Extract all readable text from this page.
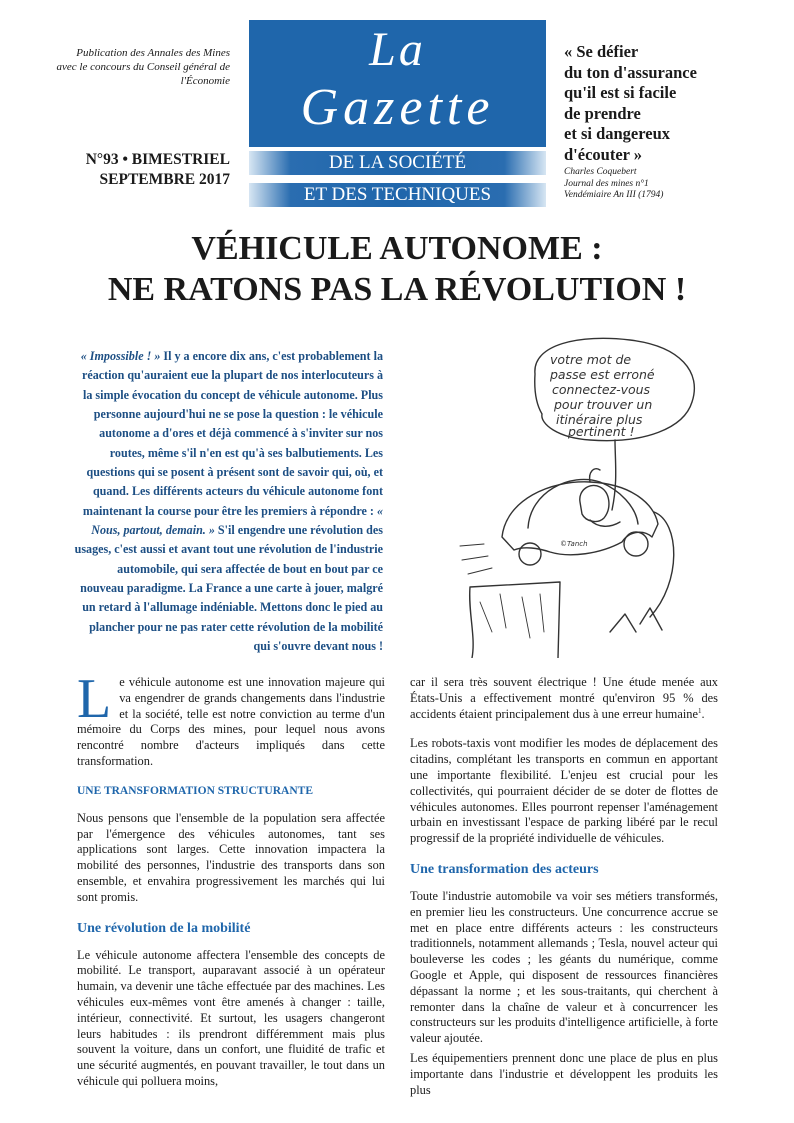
Publication des Annales des Mines
avec le concours du Conseil général de
l'Économie
N°93 • BIMESTRIEL
SEPTEMBRE 2017
La
Gazette
DE LA SOCIÉTÉ
ET DES TECHNIQUES
« Se défier
du ton d'assurance
qu'il est si facile
de prendre
et si dangereux
d'écouter »
Charles Coquebert
Journal des mines n°1
Vendémiaire An III (1794)
VÉHICULE AUTONOME :
NE RATONS PAS LA RÉVOLUTION !
« Impossible ! » Il y a encore dix ans, c'est probablement la réaction qu'auraient eue la plupart de nos interlocuteurs à la simple évocation du concept de véhicule autonome. Plus personne aujourd'hui ne se pose la question : le véhicule autonome a d'ores et déjà commencé à s'inviter sur nos routes, même s'il n'en est qu'à ses balbutiements. Les questions qui se posent à présent sont de savoir qui, où, et quand. Les différents acteurs du véhicule autonome font maintenant la course pour être les premiers à répondre : « Nous, partout, demain. » S'il engendre une révolution des usages, c'est aussi et avant tout une révolution de l'industrie automobile, qui sera affectée de bout en bout par ce nouveau paradigme. La France a une carte à jouer, malgré un retard à l'allumage indéniable. Mettons donc le pied au plancher pour ne pas rater cette révolution de la mobilité qui s'ouvre devant nous !
votre mot de
passe est erroné
connectez-vous
pour trouver un
itinéraire plus
pertinent !
©Tanch

Le véhicule autonome est une innovation majeure qui va engendrer de grands changements dans l'industrie et la société, telle est notre conviction au terme d'un mémoire du Corps des mines, pour lequel nous avons rencontré nombre d'acteurs impliqués dans cette transformation.

UNE TRANSFORMATION STRUCTURANTE

Nous pensons que l'ensemble de la population sera affectée par l'émergence des véhicules autonomes, tant ses applications sont larges. Cette innovation impactera la mobilité des personnes, l'industrie des transports dans son ensemble, et envahira progressivement les marchés qui lui sont promis.

Une révolution de la mobilité

Le véhicule autonome affectera l'ensemble des concepts de mobilité. Le transport, auparavant associé à un opérateur humain, va devenir une tâche effectuée par des machines. Les véhicules eux-mêmes vont être amenés à changer : taille, intérieur, connectivité. Et surtout, les usagers changeront leurs habitudes : ils prendront différemment mais plus souvent la voiture, dans un confort, une fluidité de trafic et une sécurité augmentés, en pouvant travailler, le tout dans un véhicule qui polluera moins,

car il sera très souvent électrique ! Une étude menée aux États-Unis a effectivement montré qu'environ 95 % des accidents étaient principalement dus à une erreur humaine$^1$.

Les robots-taxis vont modifier les modes de déplacement des citadins, complétant les transports en commun en apportant une importante flexibilité. L'enjeu est crucial pour les collectivités, qui pourraient décider de se doter de flottes de véhicules autonomes. Elles pourront repenser l'aménagement urbain en investissant l'espace de parking libéré par le recul progressif de la propriété individuelle de véhicules.

Une transformation des acteurs

Toute l'industrie automobile va voir ses métiers transformés, en premier lieu les constructeurs. Une concurrence accrue se met en place entre différents acteurs : les constructeurs traditionnels, notamment allemands ; Tesla, nouvel acteur qui bouleverse les codes ; les géants du numérique, comme Google et Apple, qui disposent de ressources financières dépassant la norme ; et les sous-traitants, qui cherchent à remonter dans la chaîne de valeur et à concurrencer les constructeurs sur les produits d'intelligence artificielle, à forte valeur ajoutée.

Les équipementiers prennent donc une place de plus en plus importante dans l'industrie et développent les produits les plus
